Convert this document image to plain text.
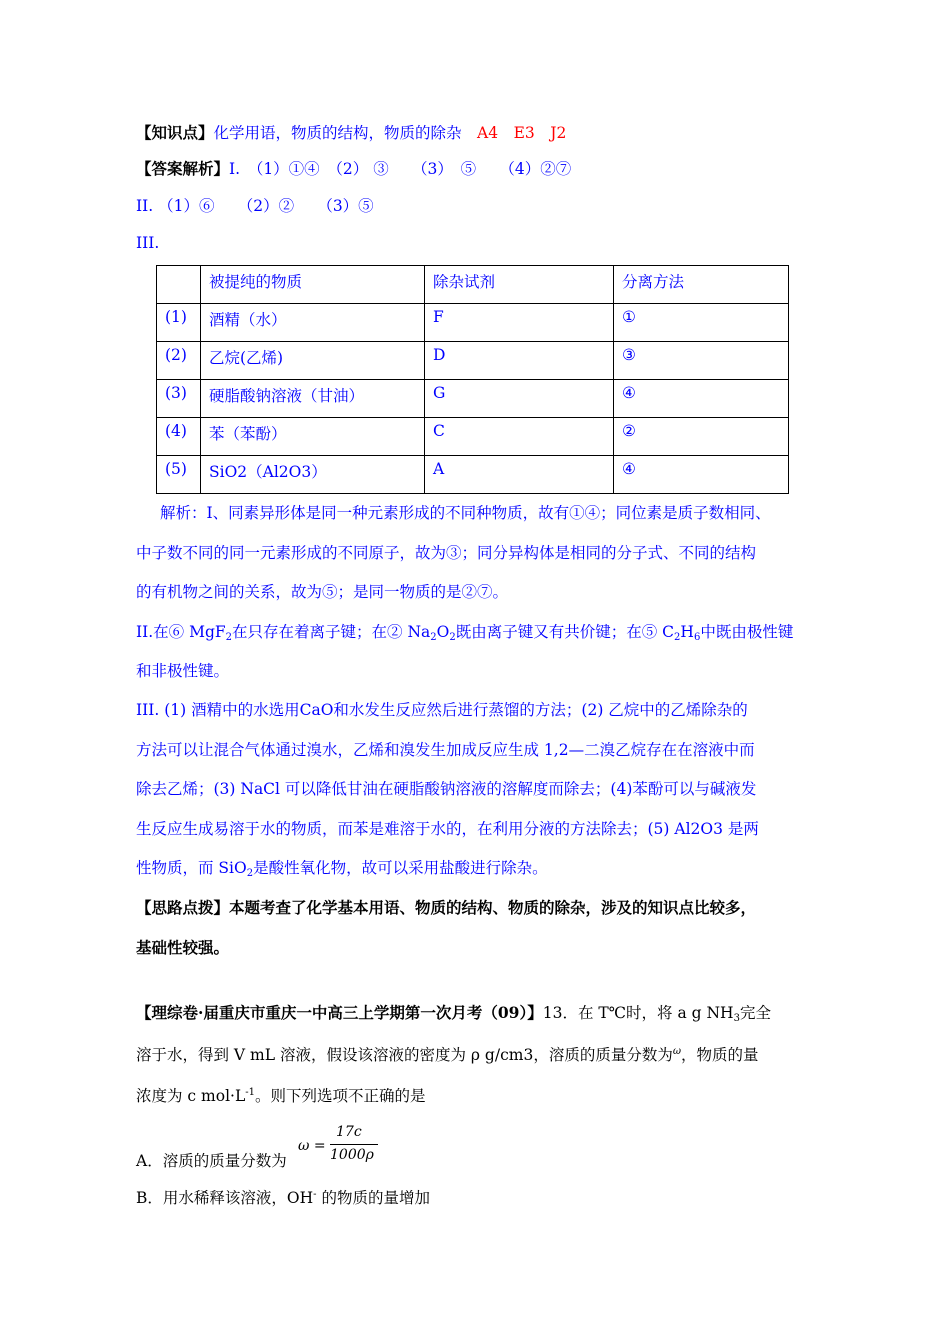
【知识点】化学用语，物质的结构，物质的除杂　 A4　E3　J2
【答案解析】I.　（1）①④　（2） ③　　（3）　⑤　　（4）②⑦
II. （1）⑥　　（2）②　　（3）⑤
III.
	被提纯的物质	除杂试剂	分离方法
(1)	酒精（水）	F	①
(2)	乙烷(乙烯)	D	③
(3)	硬脂酸钠溶液（甘油）	G	④
(4)	苯（苯酚）	C	②
(5)	SiO2（Al2O3）	A	④
解析：I、同素异形体是同一种元素形成的不同种物质，故有①④；同位素是质子数相同、
中子数不同的同一元素形成的不同原子，故为③；同分异构体是相同的分子式、不同的结构
的有机物之间的关系，故为⑤；是同一物质的是②⑦。
II.在⑥ MgF$_2$在只存在着离子键；在② $Na_2O_2$既由离子键又有共价键；在⑤ $C_2H_6$中既由极性键
和非极性键。
III. (1) 酒精中的水选用CaO和水发生反应然后进行蒸馏的方法；(2) 乙烷中的乙烯除杂的
方法可以让混合气体通过溴水，乙烯和溴发生加成反应生成 1,2—二溴乙烷存在在溶液中而
除去乙烯；(3) NaCl 可以降低甘油在硬脂酸钠溶液的溶解度而除去；(4)苯酚可以与碱液发
生反应生成易溶于水的物质，而苯是难溶于水的，在利用分液的方法除去；(5) Al2O3 是两
性物质，而 SiO$_2$是酸性氧化物，故可以采用盐酸进行除杂。
【思路点拨】本题考查了化学基本用语、物质的结构、物质的除杂，涉及的知识点比较多，
基础性较强。
【理综卷·届重庆市重庆一中高三上学期第一次月考（09）】13．在 T℃时，将 a g $NH_3$完全
溶于水，得到 V mL 溶液，假设该溶液的密度为 ρ g/cm3，溶质的质量分数为$^\omega$，物质的量
浓度为 c $mol\cdot L^{-1}$。则下列选项不正确的是
A．溶质的质量分数为
ω =
17c
1000ρ
B．用水稀释该溶液，OH- 的物质的量增加
